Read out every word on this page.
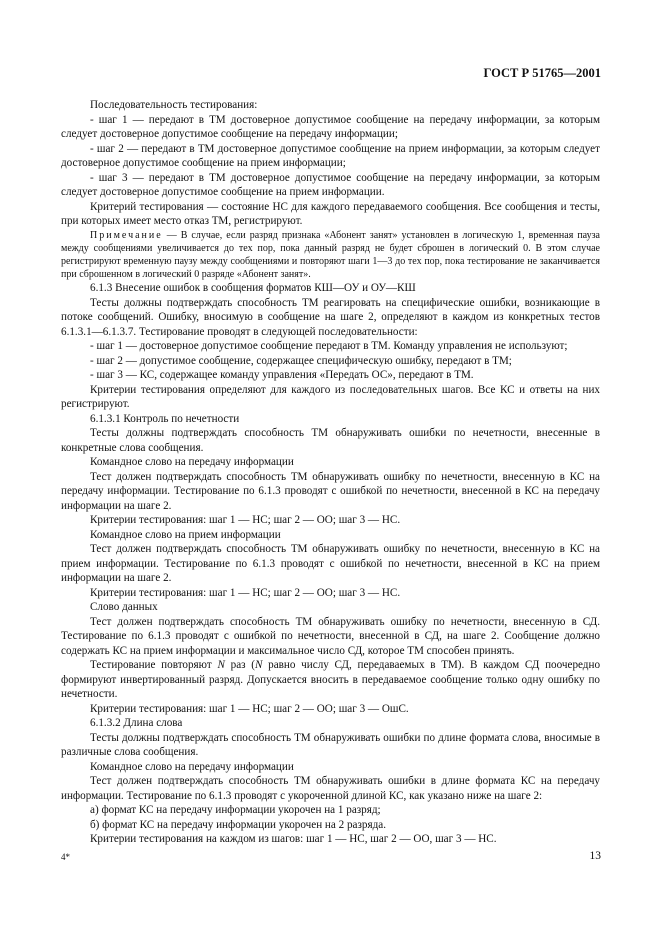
ГОСТ Р 51765—2001

Последовательность тестирования:

- шаг 1 — передают в ТМ достоверное допустимое сообщение на передачу информации, за которым следует достоверное допустимое сообщение на передачу информации;

- шаг 2 — передают в ТМ достоверное допустимое сообщение на прием информации, за которым следует достоверное допустимое сообщение на прием информации;

- шаг 3 — передают в ТМ достоверное допустимое сообщение на передачу информации, за которым следует достоверное допустимое сообщение на прием информации.

Критерий тестирования — состояние НС для каждого передаваемого сообщения. Все сообщения и тесты, при которых имеет место отказ ТМ, регистрируют.

Примечание — В случае, если разряд признака «Абонент занят» установлен в логическую 1, временная пауза между сообщениями увеличивается до тех пор, пока данный разряд не будет сброшен в логический 0. В этом случае регистрируют временную паузу между сообщениями и повторяют шаги 1—3 до тех пор, пока тестирование не заканчивается при сброшенном в логический 0 разряде «Абонент занят».

6.1.3 Внесение ошибок в сообщения форматов КШ—ОУ и ОУ—КШ

Тесты должны подтверждать способность ТМ реагировать на специфические ошибки, возникающие в потоке сообщений. Ошибку, вносимую в сообщение на шаге 2, определяют в каждом из конкретных тестов 6.1.3.1—6.1.3.7. Тестирование проводят в следующей последовательности:

- шаг 1 — достоверное допустимое сообщение передают в ТМ. Команду управления не используют;

- шаг 2 — допустимое сообщение, содержащее специфическую ошибку, передают в ТМ;

- шаг 3 — КС, содержащее команду управления «Передать ОС», передают в ТМ.

Критерии тестирования определяют для каждого из последовательных шагов. Все КС и ответы на них регистрируют.

6.1.3.1 Контроль по нечетности

Тесты должны подтверждать способность ТМ обнаруживать ошибки по нечетности, внесенные в конкретные слова сообщения.

Командное слово на передачу информации

Тест должен подтверждать способность ТМ обнаруживать ошибку по нечетности, внесенную в КС на передачу информации. Тестирование по 6.1.3 проводят с ошибкой по нечетности, внесенной в КС на передачу информации на шаге 2.

Критерии тестирования: шаг 1 — НС; шаг 2 — ОО; шаг 3 — НС.

Командное слово на прием информации

Тест должен подтверждать способность ТМ обнаруживать ошибку по нечетности, внесенную в КС на прием информации. Тестирование по 6.1.3 проводят с ошибкой по нечетности, внесенной в КС на прием информации на шаге 2.

Критерии тестирования: шаг 1 — НС; шаг 2 — ОО; шаг 3 — НС.

Слово данных

Тест должен подтверждать способность ТМ обнаруживать ошибку по нечетности, внесенную в СД. Тестирование по 6.1.3 проводят с ошибкой по нечетности, внесенной в СД, на шаге 2. Сообщение должно содержать КС на прием информации и максимальное число СД, которое ТМ способен принять.

Тестирование повторяют N раз (N равно числу СД, передаваемых в ТМ). В каждом СД поочередно формируют инвертированный разряд. Допускается вносить в передаваемое сообщение только одну ошибку по нечетности.

Критерии тестирования: шаг 1 — НС; шаг 2 — ОО; шаг 3 — ОшС.

6.1.3.2 Длина слова

Тесты должны подтверждать способность ТМ обнаруживать ошибки по длине формата слова, вносимые в различные слова сообщения.

Командное слово на передачу информации

Тест должен подтверждать способность ТМ обнаруживать ошибки в длине формата КС на передачу информации. Тестирование по 6.1.3 проводят с укороченной длиной КС, как указано ниже на шаге 2:

а) формат КС на передачу информации укорочен на 1 разряд;

б) формат КС на передачу информации укорочен на 2 разряда.

Критерии тестирования на каждом из шагов: шаг 1 — НС, шаг 2 — ОО, шаг 3 — НС.

4*	13
